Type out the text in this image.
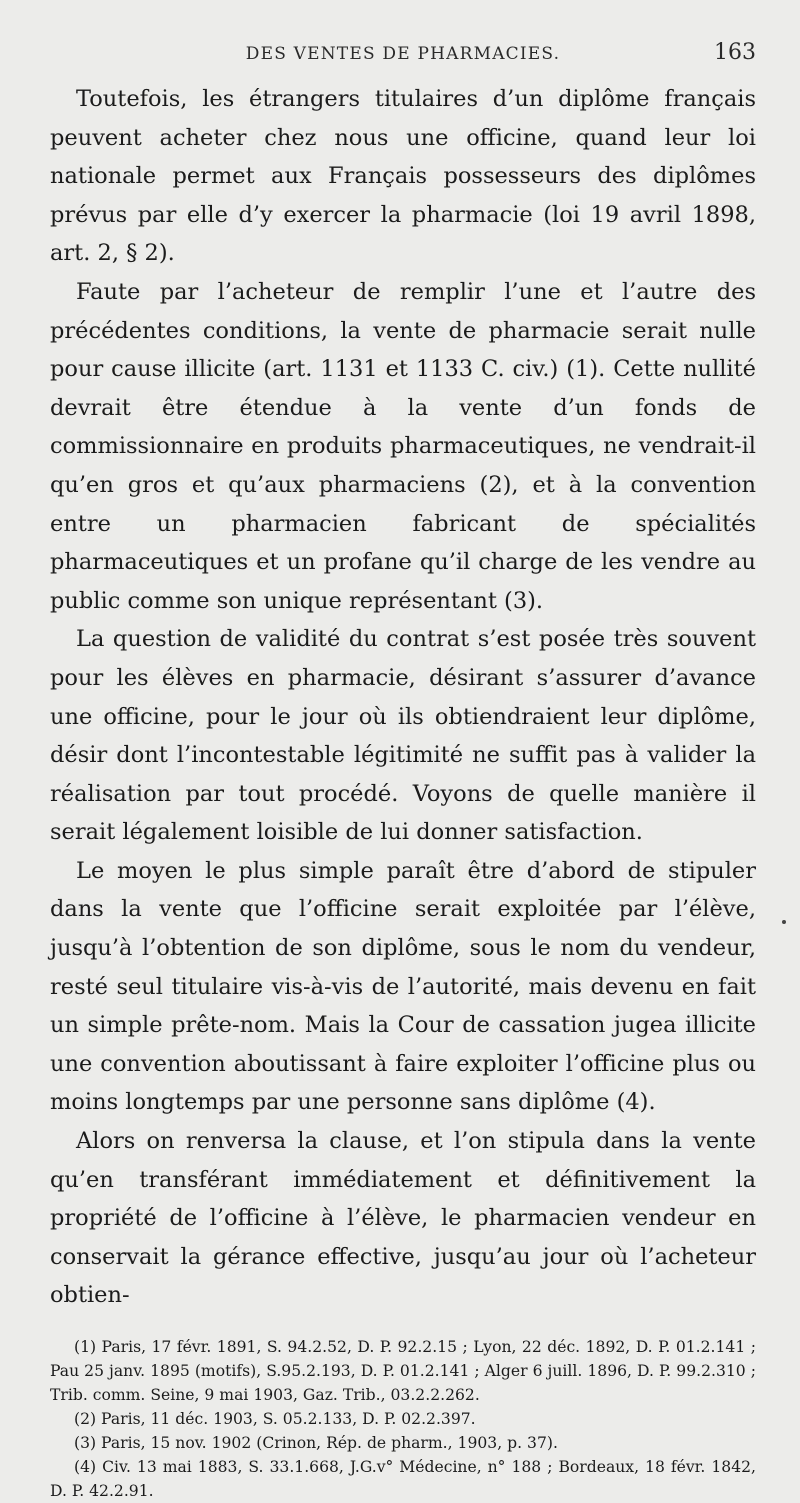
DES VENTES DE PHARMACIES.	163

Toutefois, les étrangers titulaires d’un diplôme français peuvent acheter chez nous une officine, quand leur loi nationale permet aux Français possesseurs des diplômes prévus par elle d’y exercer la pharmacie (loi 19 avril 1898, art. 2, § 2).

Faute par l’acheteur de remplir l’une et l’autre des précédentes conditions, la vente de pharmacie serait nulle pour cause illicite (art. 1131 et 1133 C. civ.) (1). Cette nullité devrait être étendue à la vente d’un fonds de commissionnaire en produits pharmaceutiques, ne vendrait-il qu’en gros et qu’aux pharmaciens (2), et à la convention entre un pharmacien fabricant de spécialités pharmaceutiques et un profane qu’il charge de les vendre au public comme son unique représentant (3).

La question de validité du contrat s’est posée très souvent pour les élèves en pharmacie, désirant s’assurer d’avance une officine, pour le jour où ils obtiendraient leur diplôme, désir dont l’incontestable légitimité ne suffit pas à valider la réalisation par tout procédé. Voyons de quelle manière il serait légalement loisible de lui donner satisfaction.

Le moyen le plus simple paraît être d’abord de stipuler dans la vente que l’officine serait exploitée par l’élève, jusqu’à l’obtention de son diplôme, sous le nom du vendeur, resté seul titulaire vis-à-vis de l’autorité, mais devenu en fait un simple prête-nom. Mais la Cour de cassation jugea illicite une convention aboutissant à faire exploiter l’officine plus ou moins longtemps par une personne sans diplôme (4).

Alors on renversa la clause, et l’on stipula dans la vente qu’en transférant immédiatement et définitivement la propriété de l’officine à l’élève, le pharmacien vendeur en conservait la gérance effective, jusqu’au jour où l’acheteur obtien-

(1) Paris, 17 févr. 1891, S. 94.2.52, D. P. 92.2.15 ; Lyon, 22 déc. 1892, D. P. 01.2.141 ; Pau 25 janv. 1895 (motifs), S.95.2.193, D. P. 01.2.141 ; Alger 6 juill. 1896, D. P. 99.2.310 ; Trib. comm. Seine, 9 mai 1903, Gaz. Trib., 03.2.2.262.

(2) Paris, 11 déc. 1903, S. 05.2.133, D. P. 02.2.397.

(3) Paris, 15 nov. 1902 (Crinon, Rép. de pharm., 1903, p. 37).

(4) Civ. 13 mai 1883, S. 33.1.668, J.G.v° Médecine, n° 188 ; Bordeaux, 18 févr. 1842, D. P. 42.2.91.
